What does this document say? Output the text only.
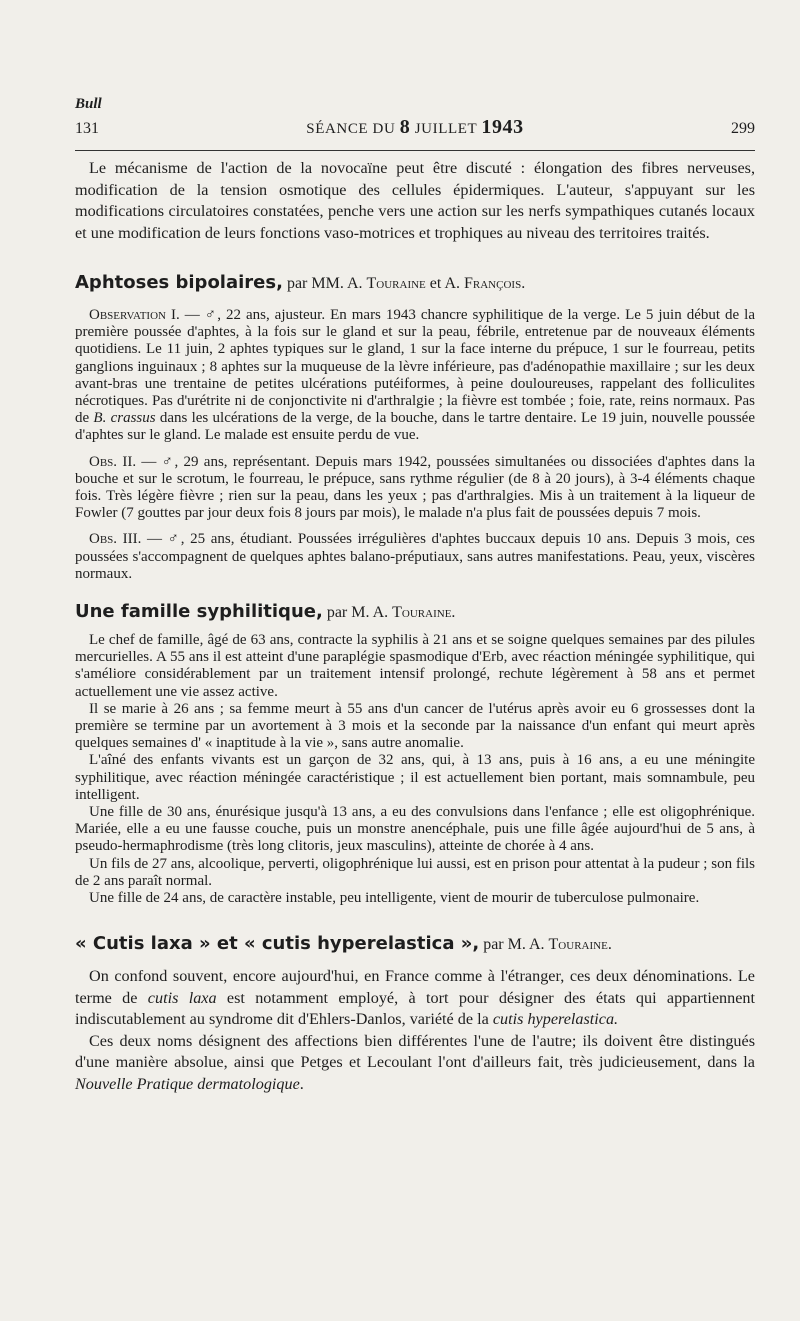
Bull
131	SÉANCE DU 8 JUILLET 1943	299

Le mécanisme de l'action de la novocaïne peut être discuté : élongation des fibres nerveuses, modification de la tension osmotique des cellules épidermiques. L'auteur, s'appuyant sur les modifications circulatoires constatées, penche vers une action sur les nerfs sympathiques cutanés locaux et une modification de leurs fonctions vaso-motrices et trophiques au niveau des territoires traités.

Aphtoses bipolaires, par MM. A. Touraine et A. François.

Observation I. — ♂, 22 ans, ajusteur. En mars 1943 chancre syphilitique de la verge. Le 5 juin début de la première poussée d'aphtes, à la fois sur le gland et sur la peau, fébrile, entretenue par de nouveaux éléments quotidiens. Le 11 juin, 2 aphtes typiques sur le gland, 1 sur la face interne du prépuce, 1 sur le fourreau, petits ganglions inguinaux ; 8 aphtes sur la muqueuse de la lèvre inférieure, pas d'adénopathie maxillaire ; sur les deux avant-bras une trentaine de petites ulcérations putéiformes, à peine douloureuses, rappelant des folliculites nécrotiques. Pas d'urétrite ni de conjonctivite ni d'arthralgie ; la fièvre est tombée ; foie, rate, reins normaux. Pas de B. crassus dans les ulcérations de la verge, de la bouche, dans le tartre dentaire. Le 19 juin, nouvelle poussée d'aphtes sur le gland. Le malade est ensuite perdu de vue.

Obs. II. — ♂, 29 ans, représentant. Depuis mars 1942, poussées simultanées ou dissociées d'aphtes dans la bouche et sur le scrotum, le fourreau, le prépuce, sans rythme régulier (de 8 à 20 jours), à 3-4 éléments chaque fois. Très légère fièvre ; rien sur la peau, dans les yeux ; pas d'arthralgies. Mis à un traitement à la liqueur de Fowler (7 gouttes par jour deux fois 8 jours par mois), le malade n'a plus fait de poussées depuis 7 mois.

Obs. III. — ♂, 25 ans, étudiant. Poussées irrégulières d'aphtes buccaux depuis 10 ans. Depuis 3 mois, ces poussées s'accompagnent de quelques aphtes balano-préputiaux, sans autres manifestations. Peau, yeux, viscères normaux.

Une famille syphilitique, par M. A. Touraine.

Le chef de famille, âgé de 63 ans, contracte la syphilis à 21 ans et se soigne quelques semaines par des pilules mercurielles. A 55 ans il est atteint d'une paraplégie spasmodique d'Erb, avec réaction méningée syphilitique, qui s'améliore considérablement par un traitement intensif prolongé, rechute légèrement à 58 ans et permet actuellement une vie assez active.

Il se marie à 26 ans ; sa femme meurt à 55 ans d'un cancer de l'utérus après avoir eu 6 grossesses dont la première se termine par un avortement à 3 mois et la seconde par la naissance d'un enfant qui meurt après quelques semaines d' « inaptitude à la vie », sans autre anomalie.

L'aîné des enfants vivants est un garçon de 32 ans, qui, à 13 ans, puis à 16 ans, a eu une méningite syphilitique, avec réaction méningée caractéristique ; il est actuellement bien portant, mais somnambule, peu intelligent.

Une fille de 30 ans, énurésique jusqu'à 13 ans, a eu des convulsions dans l'enfance ; elle est oligophrénique. Mariée, elle a eu une fausse couche, puis un monstre anencéphale, puis une fille âgée aujourd'hui de 5 ans, à pseudo-hermaphrodisme (très long clitoris, jeux masculins), atteinte de chorée à 4 ans.

Un fils de 27 ans, alcoolique, perverti, oligophrénique lui aussi, est en prison pour attentat à la pudeur ; son fils de 2 ans paraît normal.

Une fille de 24 ans, de caractère instable, peu intelligente, vient de mourir de tuberculose pulmonaire.

« Cutis laxa » et « cutis hyperelastica », par M. A. Touraine.

On confond souvent, encore aujourd'hui, en France comme à l'étranger, ces deux dénominations. Le terme de cutis laxa est notamment employé, à tort pour désigner des états qui appartiennent indiscutablement au syndrome dit d'Ehlers-Danlos, variété de la cutis hyperelastica.

Ces deux noms désignent des affections bien différentes l'une de l'autre; ils doivent être distingués d'une manière absolue, ainsi que Petges et Lecoulant l'ont d'ailleurs fait, très judicieusement, dans la Nouvelle Pratique dermatologique.
